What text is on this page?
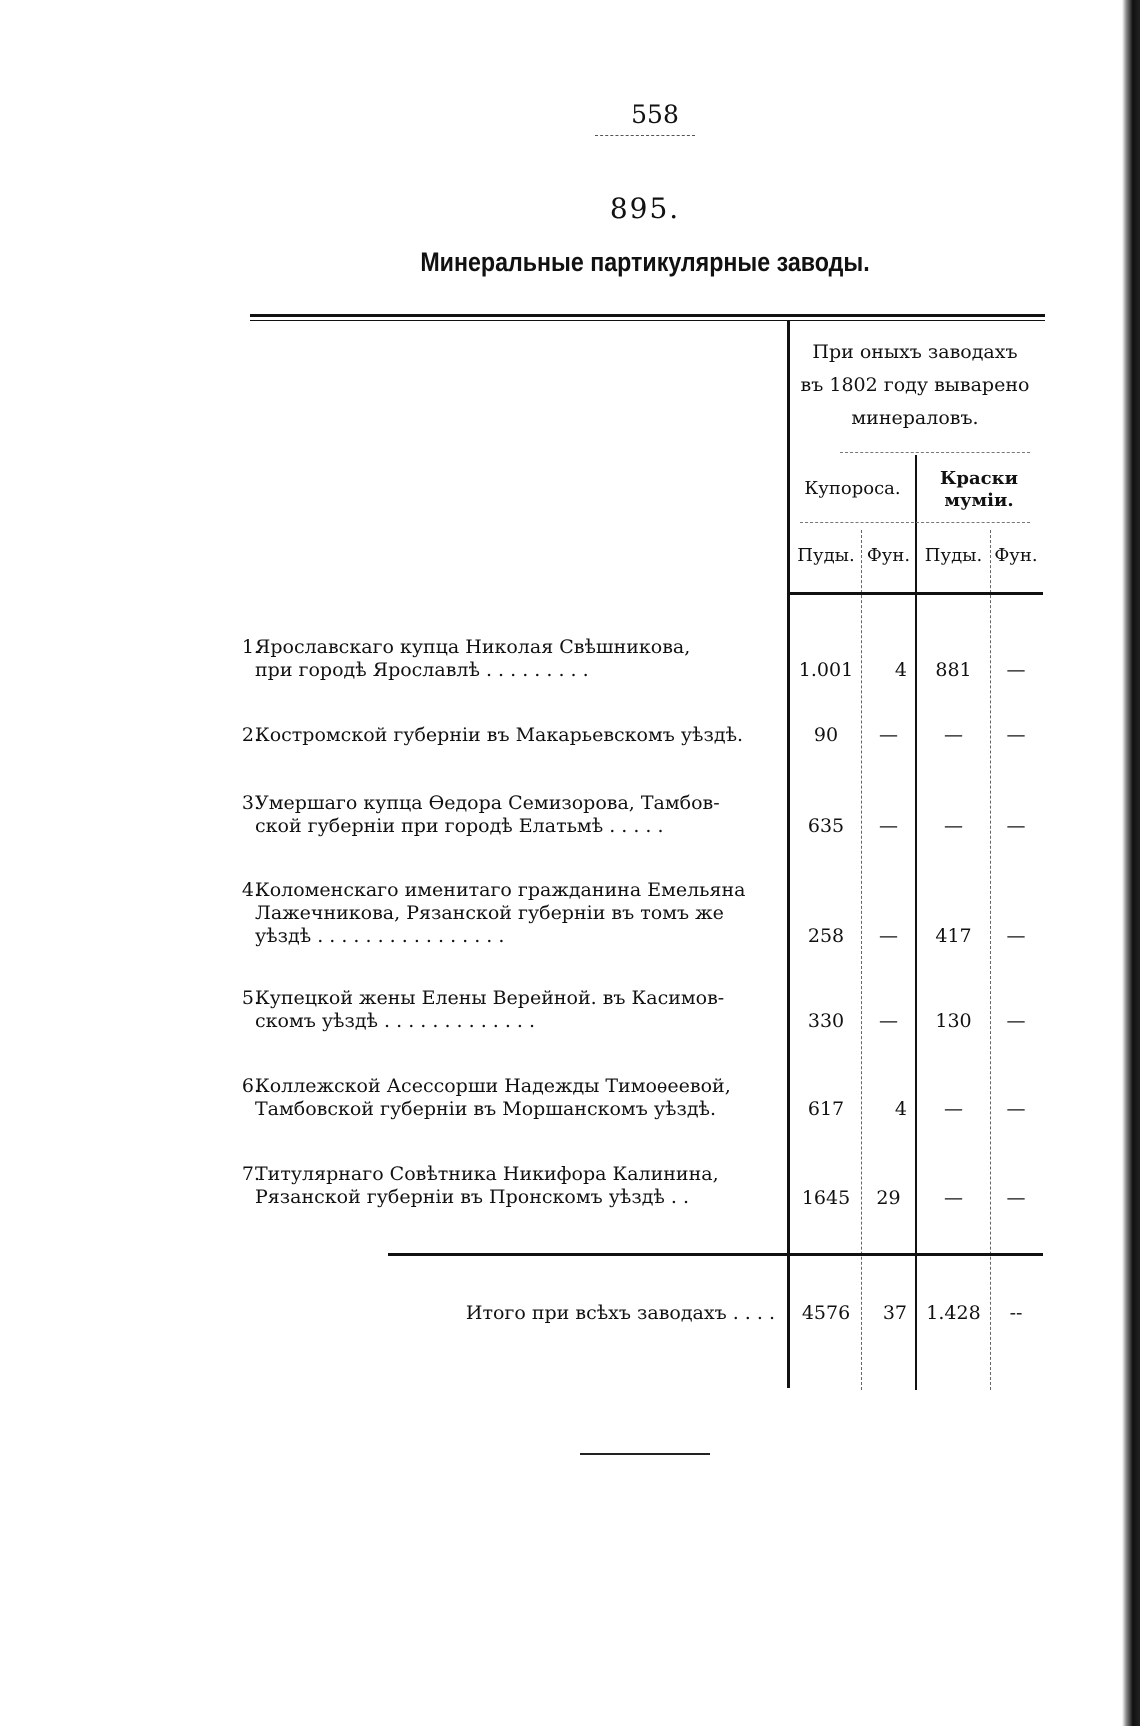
558
895.
Минеральные партикулярные заводы.
При оныхъ заводахъ
въ 1802 году выварено
минераловъ.
Купороса.	Краски
мумiи.
Пуды. Фун. Пуды. Фун.
1.
Ярославскаго купца Николая Свѣшникова,
при городѣ Ярославлѣ . . . . . . . . .	1.001	4	881	—
2.
Костромской губернiи въ Макарьевскомъ уѣздѣ.	90	—	—	—
3.
Умершаго купца Ѳедора Семизорова, Тамбов-
ской губернiи при городѣ Елатьмѣ . . . . .	635	—	—	—
4.
Коломенскаго именитаго гражданина Емельяна
Лажечникова, Рязанской губернiи въ томъ же
уѣздѣ . . . . . . . . . . . . . . . .	258	—	417	—
5.
Купецкой жены Елены Верейной. въ Касимов-
скомъ уѣздѣ . . . . . . . . . . . . .	330	—	130	—
6.
Коллежской Асессорши Надежды Тимоѳеевой,
Тамбовской губернiи въ Моршанскомъ уѣздѣ.	617	4	—	—
7.
Титулярнаго Совѣтника Никифора Калинина,
Рязанской губернiи въ Пронскомъ уѣздѣ . .	1645	29	—	—
Итого при всѣхъ заводахъ . . . .	4576	37	1.428	--
